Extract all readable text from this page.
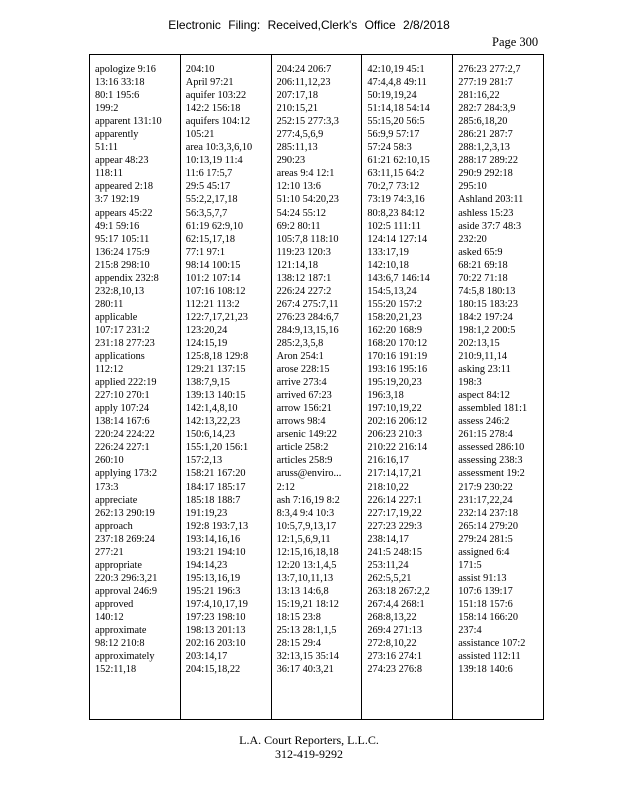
Electronic Filing: Received,Clerk's Office 2/8/2018
Page 300
apologize 9:16
13:16 33:18
80:1 195:6
199:2
apparent 131:10
apparently
51:11
appear 48:23
118:11
appeared 2:18
3:7 192:19
appears 45:22
49:1 59:16
95:17 105:11
136:24 175:9
215:8 298:10
appendix 232:8
232:8,10,13
280:11
applicable
107:17 231:2
231:18 277:23
applications
112:12
applied 222:19
227:10 270:1
apply 107:24
138:14 167:6
220:24 224:22
226:24 227:1
260:10
applying 173:2
173:3
appreciate
262:13 290:19
approach
237:18 269:24
277:21
appropriate
220:3 296:3,21
approval 246:9
approved
140:12
approximate
98:12 210:8
approximately
152:11,18
204:10
April 97:21
aquifer 103:22
142:2 156:18
aquifers 104:12
105:21
area 10:3,3,6,10
10:13,19 11:4
11:6 17:5,7
29:5 45:17
55:2,2,17,18
56:3,5,7,7
61:19 62:9,10
62:15,17,18
77:1 97:1
98:14 100:15
101:2 107:14
107:16 108:12
112:21 113:2
122:7,17,21,23
123:20,24
124:15,19
125:8,18 129:8
129:21 137:15
138:7,9,15
139:13 140:15
142:1,4,8,10
142:13,22,23
150:6,14,23
155:1,20 156:1
157:2,13
158:21 167:20
184:17 185:17
185:18 188:7
191:19,23
192:8 193:7,13
193:14,16,16
193:21 194:10
194:14,23
195:13,16,19
195:21 196:3
197:4,10,17,19
197:23 198:10
198:13 201:13
202:16 203:10
203:14,17
204:15,18,22
204:24 206:7
206:11,12,23
207:17,18
210:15,21
252:15 277:3,3
277:4,5,6,9
285:11,13
290:23
areas 9:4 12:1
12:10 13:6
51:10 54:20,23
54:24 55:12
69:2 80:11
105:7,8 118:10
119:23 120:3
121:14,18
138:12 187:1
226:24 227:2
267:4 275:7,11
276:23 284:6,7
284:9,13,15,16
285:2,3,5,8
Aron 254:1
arose 228:15
arrive 273:4
arrived 67:23
arrow 156:21
arrows 98:4
arsenic 149:22
article 258:2
articles 258:9
aruss@enviro...
2:12
ash 7:16,19 8:2
8:3,4 9:4 10:3
10:5,7,9,13,17
12:1,5,6,9,11
12:15,16,18,18
12:20 13:1,4,5
13:7,10,11,13
13:13 14:6,8
15:19,21 18:12
18:15 23:8
25:13 28:1,1,5
28:15 29:4
32:13,15 35:14
36:17 40:3,21
42:10,19 45:1
47:4,4,8 49:11
50:19,19,24
51:14,18 54:14
55:15,20 56:5
56:9,9 57:17
57:24 58:3
61:21 62:10,15
63:11,15 64:2
70:2,7 73:12
73:19 74:3,16
80:8,23 84:12
102:5 111:11
124:14 127:14
133:17,19
142:10,18
143:6,7 146:14
154:5,13,24
155:20 157:2
158:20,21,23
162:20 168:9
168:20 170:12
170:16 191:19
193:16 195:16
195:19,20,23
196:3,18
197:10,19,22
202:16 206:12
206:23 210:3
210:22 216:14
216:16,17
217:14,17,21
218:10,22
226:14 227:1
227:17,19,22
227:23 229:3
238:14,17
241:5 248:15
253:11,24
262:5,5,21
263:18 267:2,2
267:4,4 268:1
268:8,13,22
269:4 271:13
272:8,10,22
273:16 274:1
274:23 276:8
276:23 277:2,7
277:19 281:7
281:16,22
282:7 284:3,9
285:6,18,20
286:21 287:7
288:1,2,3,13
288:17 289:22
290:9 292:18
295:10
Ashland 203:11
ashless 15:23
aside 37:7 48:3
232:20
asked 65:9
68:21 69:18
70:22 71:18
74:5,8 180:13
180:15 183:23
184:2 197:24
198:1,2 200:5
202:13,15
210:9,11,14
asking 23:11
198:3
aspect 84:12
assembled 181:1
assess 246:2
261:15 278:4
assessed 286:10
assessing 238:3
assessment 19:2
217:9 230:22
231:17,22,24
232:14 237:18
265:14 279:20
279:24 281:5
assigned 6:4
171:5
assist 91:13
107:6 139:17
151:18 157:6
158:14 166:20
237:4
assistance 107:2
assisted 112:11
139:18 140:6
L.A. Court Reporters, L.L.C.
312-419-9292
